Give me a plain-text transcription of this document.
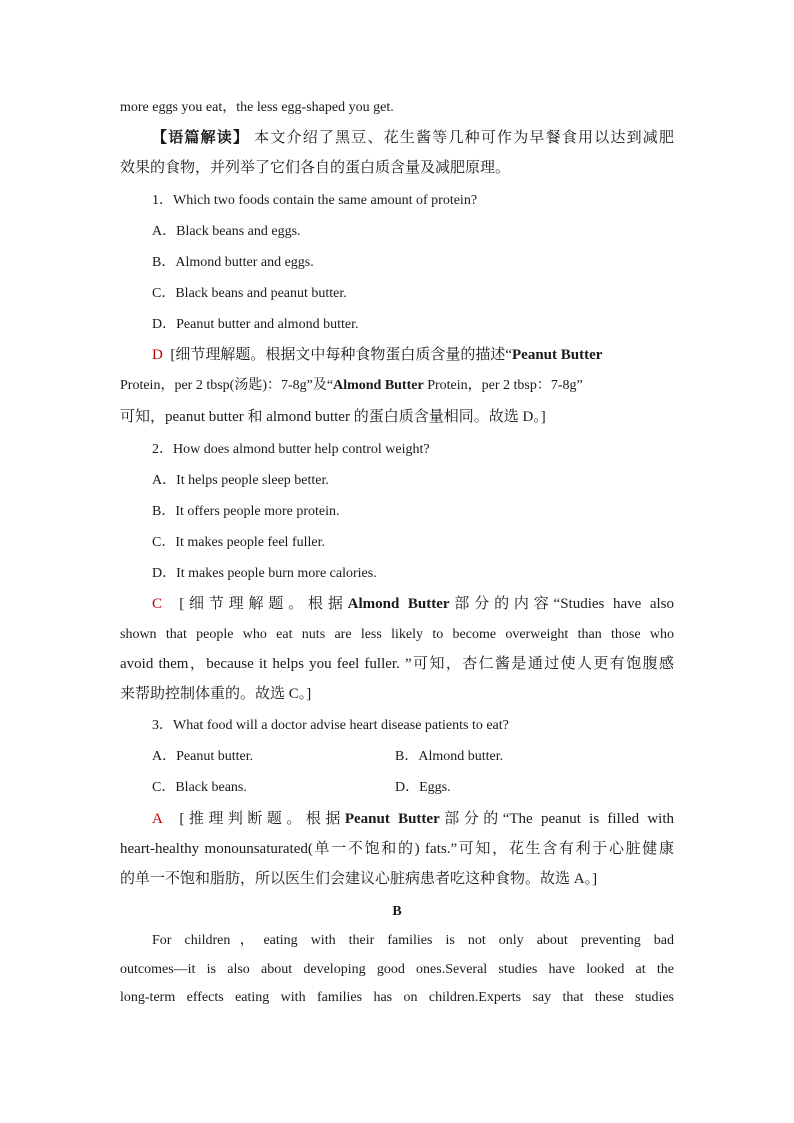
more eggs you eat，the less egg-shaped you get.
【语篇解读】 本文介绍了黑豆、花生酱等几种可作为早餐食用以达到减肥
效果的食物，并列举了它们各自的蛋白质含量及减肥原理。
1．Which two foods contain the same amount of protein?
A．Black beans and eggs.
B．Almond butter and eggs.
C．Black beans and peanut butter.
D．Peanut butter and almond butter.
D [细节理解题。根据文中每种食物蛋白质含量的描述“Peanut Butter
Protein，per 2 tbsp(汤匙)：7-8g”及“Almond Butter Protein，per 2 tbsp：7-8g”
可知，peanut butter 和 almond butter 的蛋白质含量相同。故选 D。]
2．How does almond butter help control weight?
A．It helps people sleep better.
B．It offers people more protein.
C．It makes people feel fuller.
D．It makes people burn more calories.
C [细节理解题。根据Almond Butter部分的内容“Studies have also
shown that people who eat nuts are less likely to become overweight than those who
avoid them，because it helps you feel fuller. ”可知，杏仁酱是通过使人更有饱腹感
来帮助控制体重的。故选 C。]
3．What food will a doctor advise heart disease patients to eat?
A．Peanut butter.	B．Almond butter.
C．Black beans.	D．Eggs.
A [推理判断题。根据Peanut Butter部分的“The peanut is filled with
heart-healthy monounsaturated(单一不饱和的) fats.”可知，花生含有利于心脏健康
的单一不饱和脂肪，所以医生们会建议心脏病患者吃这种食物。故选 A。]
B
For children，eating with their families is not only about preventing bad
outcomes—it is also about developing good ones.Several studies have looked at the
long-term effects eating with families has on children.Experts say that these studies
